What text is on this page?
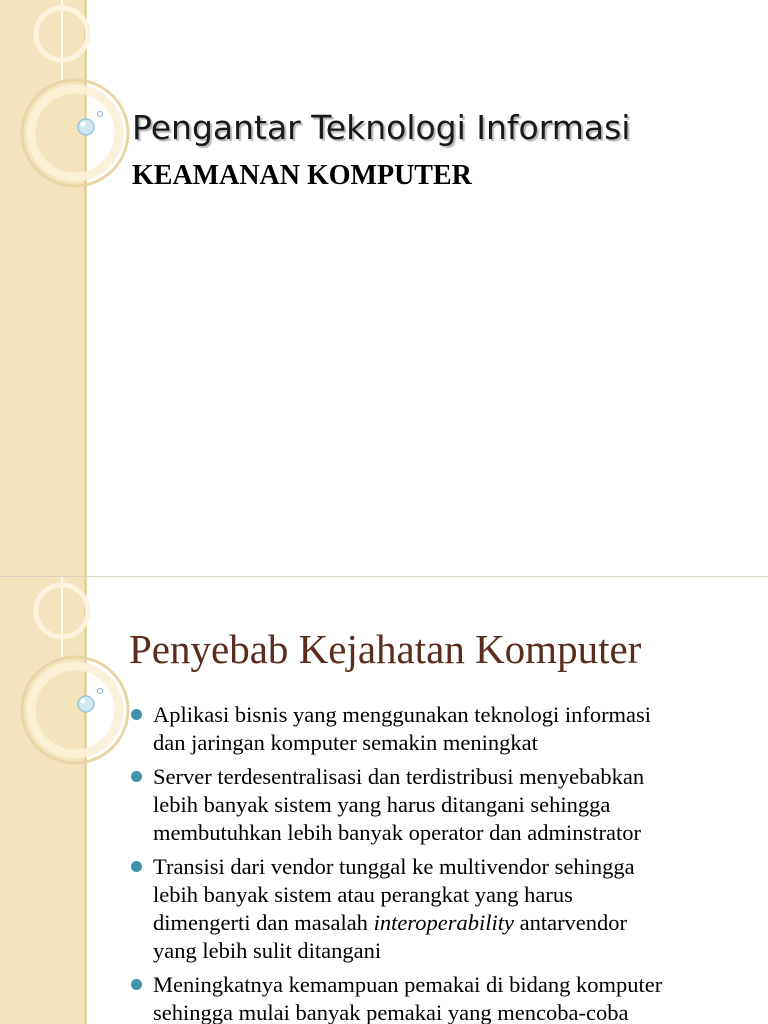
Pengantar Teknologi Informasi
KEAMANAN KOMPUTER
Penyebab Kejahatan Komputer
Aplikasi bisnis yang menggunakan teknologi informasi
dan jaringan komputer semakin meningkat
Server terdesentralisasi dan terdistribusi menyebabkan
lebih banyak sistem yang harus ditangani sehingga
membutuhkan lebih banyak operator dan adminstrator
Transisi dari vendor tunggal ke multivendor sehingga
lebih banyak sistem atau perangkat yang harus
dimengerti dan masalah interoperability antarvendor
yang lebih sulit ditangani
Meningkatnya kemampuan pemakai di bidang komputer
sehingga mulai banyak pemakai yang mencoba-coba
